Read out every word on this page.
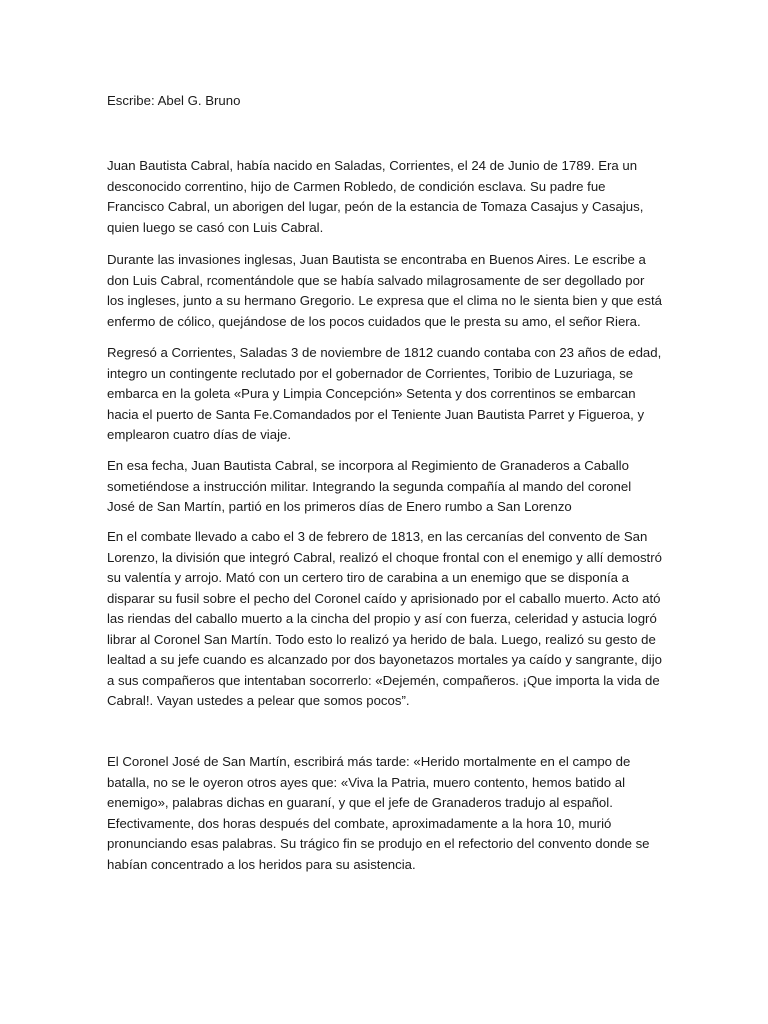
Escribe: Abel G. Bruno

Juan Bautista Cabral, había nacido en Saladas, Corrientes, el 24 de Junio de 1789. Era un desconocido correntino, hijo de Carmen Robledo, de condición esclava. Su padre fue Francisco Cabral, un aborigen del lugar, peón de la estancia de Tomaza Casajus y Casajus, quien luego se casó con Luis Cabral.

Durante las invasiones inglesas, Juan Bautista se encontraba en Buenos Aires. Le escribe a don Luis Cabral, rcomentándole que se había salvado milagrosamente de ser degollado por los ingleses, junto a su hermano Gregorio. Le expresa que el clima no le sienta bien y que está enfermo de cólico, quejándose de los pocos cuidados que le presta su amo, el señor Riera.

Regresó a Corrientes, Saladas 3 de noviembre de 1812 cuando contaba con 23 años de edad, integro un contingente reclutado por el gobernador de Corrientes, Toribio de Luzuriaga, se embarca en la goleta «Pura y Limpia Concepción» Setenta y dos correntinos se embarcan hacia el puerto de Santa Fe.Comandados por el Teniente Juan Bautista Parret y Figueroa, y emplearon cuatro días de viaje.

En esa fecha, Juan Bautista Cabral, se incorpora al Regimiento de Granaderos a Caballo sometiéndose a instrucción militar. Integrando la segunda compañía al mando del coronel José de San Martín, partió en los primeros días de Enero rumbo a San Lorenzo

En el combate llevado a cabo el 3 de febrero de 1813, en las cercanías del convento de San Lorenzo, la división que integró Cabral, realizó el choque frontal con el enemigo y allí demostró su valentía y arrojo. Mató con un certero tiro de carabina a un enemigo que se disponía a disparar su fusil sobre el pecho del Coronel caído y aprisionado por el caballo muerto. Acto ató las riendas del caballo muerto a la cincha del propio y así con fuerza, celeridad y astucia logró librar al Coronel San Martín. Todo esto lo realizó ya herido de bala. Luego, realizó su gesto de lealtad a su jefe cuando es alcanzado por dos bayonetazos mortales ya caído y sangrante, dijo a sus compañeros que intentaban socorrerlo: «Dejemén, compañeros. ¡Que importa la vida de Cabral!. Vayan ustedes a pelear que somos pocos”.

El Coronel José de San Martín, escribirá más tarde: «Herido mortalmente en el campo de batalla, no se le oyeron otros ayes que: «Viva la Patria, muero contento, hemos batido al enemigo», palabras dichas en guaraní, y que el jefe de Granaderos tradujo al español. Efectivamente, dos horas después del combate, aproximadamente a la hora 10, murió pronunciando esas palabras. Su trágico fin se produjo en el refectorio del convento donde se habían concentrado a los heridos para su asistencia.
